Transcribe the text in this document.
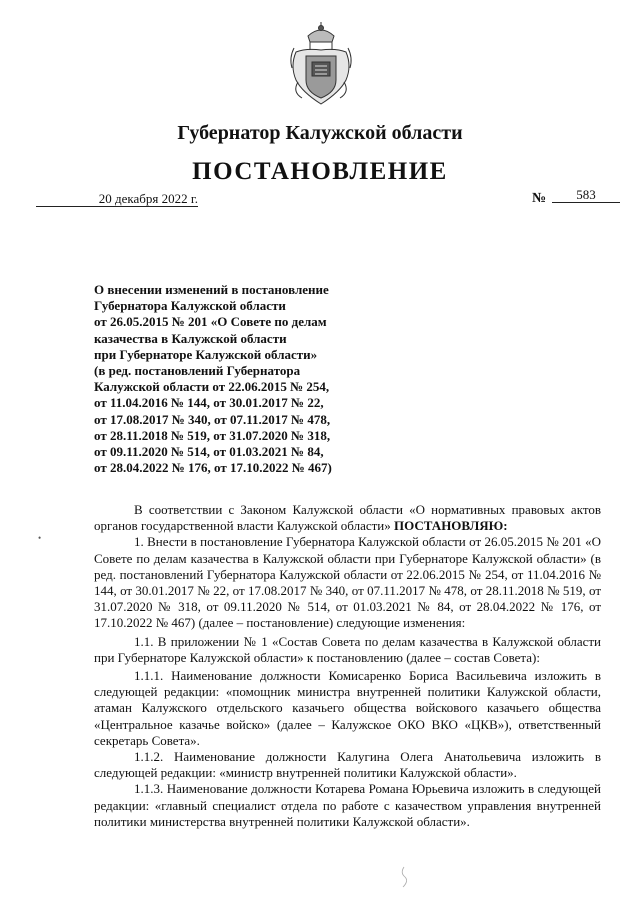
Губернатор Калужской области
ПОСТАНОВЛЕНИЕ
20 декабря 2022 г.	№	583
О внесении изменений в постановление
Губернатора Калужской области
от 26.05.2015 № 201 «О Совете по делам
казачества в Калужской области
при Губернаторе Калужской области»
(в ред. постановлений Губернатора
Калужской области от 22.06.2015 № 254,
от 11.04.2016 № 144, от 30.01.2017 № 22,
от 17.08.2017 № 340, от 07.11.2017 № 478,
от 28.11.2018 № 519, от 31.07.2020 № 318,
от 09.11.2020 № 514, от 01.03.2021 № 84,
от 28.04.2022 № 176, от 17.10.2022 № 467)
•

В соответствии с Законом Калужской области «О нормативных правовых актов органов государственной власти Калужской области» ПОСТАНОВЛЯЮ:

1. Внести в постановление Губернатора Калужской области от 26.05.2015 № 201 «О Совете по делам казачества в Калужской области при Губернаторе Калужской области» (в ред. постановлений Губернатора Калужской области от 22.06.2015 № 254, от 11.04.2016 № 144, от 30.01.2017 № 22, от 17.08.2017 № 340, от 07.11.2017 № 478, от 28.11.2018 № 519, от 31.07.2020 № 318, от 09.11.2020 № 514, от 01.03.2021 № 84, от 28.04.2022 № 176, от 17.10.2022 № 467) (далее – постановление) следующие изменения:

1.1. В приложении № 1 «Состав Совета по делам казачества в Калужской области при Губернаторе Калужской области» к постановлению (далее – состав Совета):

1.1.1. Наименование должности Комисаренко Бориса Васильевича изложить в следующей редакции: «помощник министра внутренней политики Калужской области, атаман Калужского отдельского казачьего общества войскового казачьего общества «Центральное казачье войско» (далее – Калужское ОКО ВКО «ЦКВ»), ответственный секретарь Совета».

1.1.2. Наименование должности Калугина Олега Анатольевича изложить в следующей редакции: «министр внутренней политики Калужской области».

1.1.3. Наименование должности Котарева Романа Юрьевича изложить в следующей редакции: «главный специалист отдела по работе с казачеством управления внутренней политики министерства внутренней политики Калужской области».
